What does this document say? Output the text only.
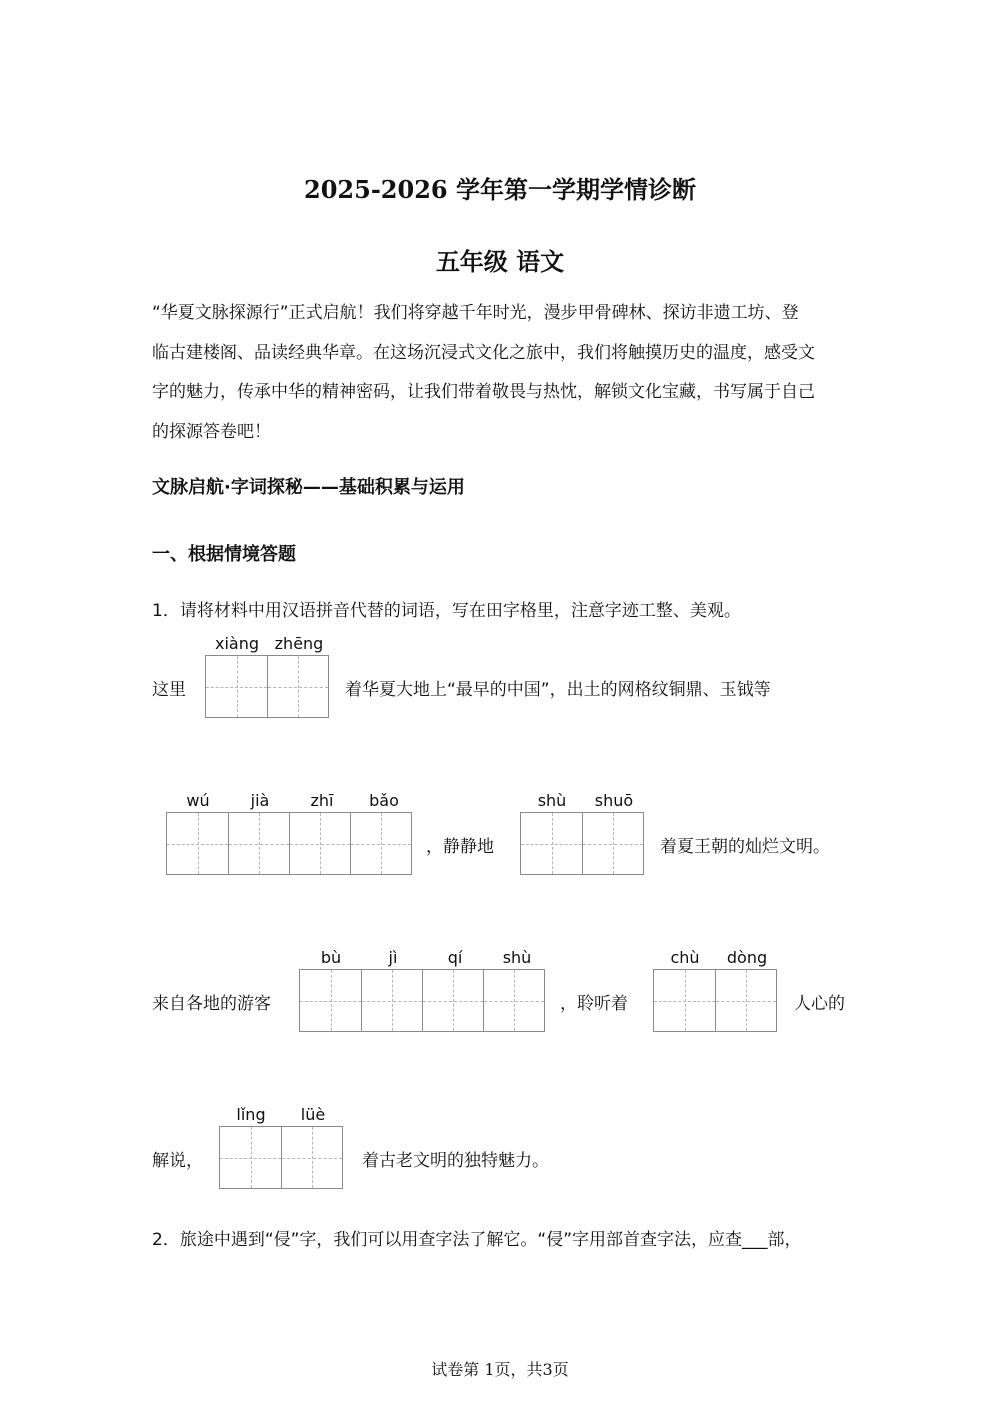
2025-2026 学年第一学期学情诊断
五年级 语文
“华夏文脉探源行”正式启航！我们将穿越千年时光，漫步甲骨碑林、探访非遗工坊、登
临古建楼阁、品读经典华章。在这场沉浸式文化之旅中，我们将触摸历史的温度，感受文
字的魅力，传承中华的精神密码，让我们带着敬畏与热忱，解锁文化宝藏，书写属于自己
的探源答卷吧！
文脉启航·字词探秘——基础积累与运用
一、根据情境答题
1．请将材料中用汉语拼音代替的词语，写在田字格里，注意字迹工整、美观。
这里
xiàng zhēng
着华夏大地上“最早的中国”，出土的网格纹铜鼎、玉钺等
wú	jià	zhī	bǎo
，静静地
shù	shuō
着夏王朝的灿烂文明。
来自各地的游客
bù	jì	qí	shù
，聆听着
chù	dòng
人心的
解说，
lǐng	lüè
着古老文明的独特魅力。
2．旅途中遇到“侵”字，我们可以用查字法了解它。“侵”字用部首查字法，应查___部，
试卷第 1页，共3页
